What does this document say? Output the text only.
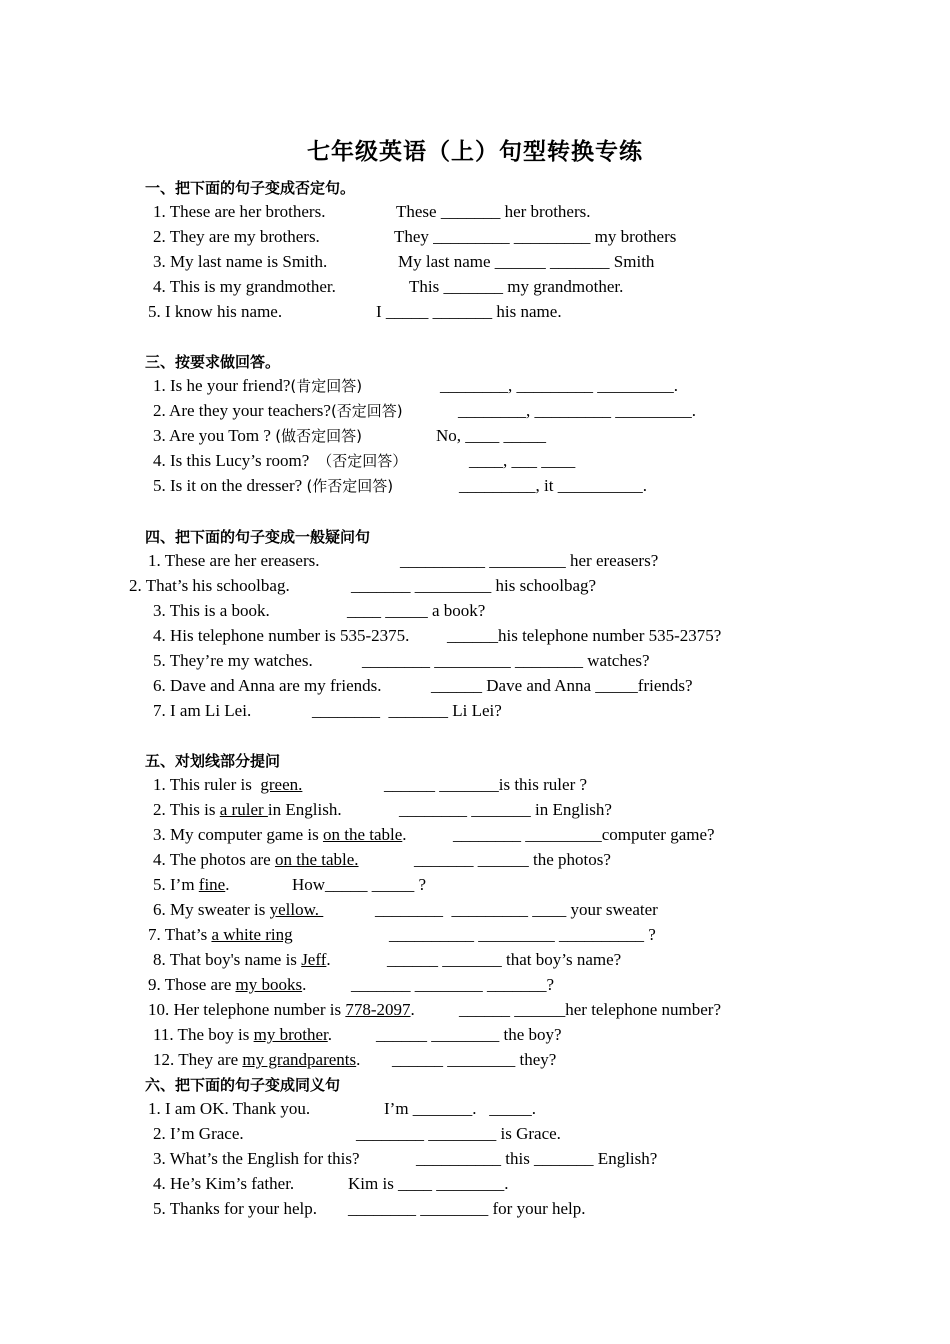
七年级英语（上）句型转换专练
一、把下面的句子变成否定句。
1. These are her brothers.	These _______ her brothers.
2. They are my brothers.	They _________ _________ my brothers
3. My last name is Smith.	My last name ______ _______ Smith
4. This is my grandmother.	This _______ my grandmother.
5. I know his name.	I _____ _______ his name.
三、按要求做回答。
1. Is he your friend?(肯定回答)	________, _________ _________.
2. Are they your teachers?(否定回答)	________, _________ _________.
3. Are you Tom ? (做否定回答)	No, ____ _____
4. Is this Lucy’s room? （否定回答）	____, ___ ____
5. Is it on the dresser? (作否定回答)	_________, it __________.
四、把下面的句子变成一般疑问句
1. These are her ereasers.	__________ _________ her ereasers?
2. That’s his schoolbag.	_______ _________ his schoolbag?
3. This is a book.	____ _____ a book?
4. His telephone number is 535-2375. ______his telephone number 535-2375?
5. They’re my watches.	________ _________ ________ watches?
6. Dave and Anna are my friends.	______ Dave and Anna _____friends?
7. I am Li Lei.	________  _______ Li Lei?
五、对划线部分提问
1. This ruler is  green.	______ _______is this ruler ?
2. This is a ruler in English.	________ _______ in English?
3. My computer game is on the table.	________ _________computer game?
4. The photos are on the table.	_______ ______ the photos?
5. I’m fine.	How_____ _____ ?
6. My sweater is yellow.	________  _________ ____ your sweater
7. That’s a white ring	__________ _________ __________ ?
8. That boy's name is Jeff.	______ _______ that boy’s name?
9. Those are my books.	_______ ________ _______?
10. Her telephone number is 778-2097.	______ ______her telephone number?
11. The boy is my brother.	______ ________ the boy?
12. They are my grandparents. ______ ________ they?
六、把下面的句子变成同义句
1. I am OK. Thank you.	I’m _______.   _____.
2. I’m Grace.	________ ________ is Grace.
3. What’s the English for this?	__________ this _______ English?
4. He’s Kim’s father.	Kim is ____ ________.
5. Thanks for your help. ________ ________ for your help.
